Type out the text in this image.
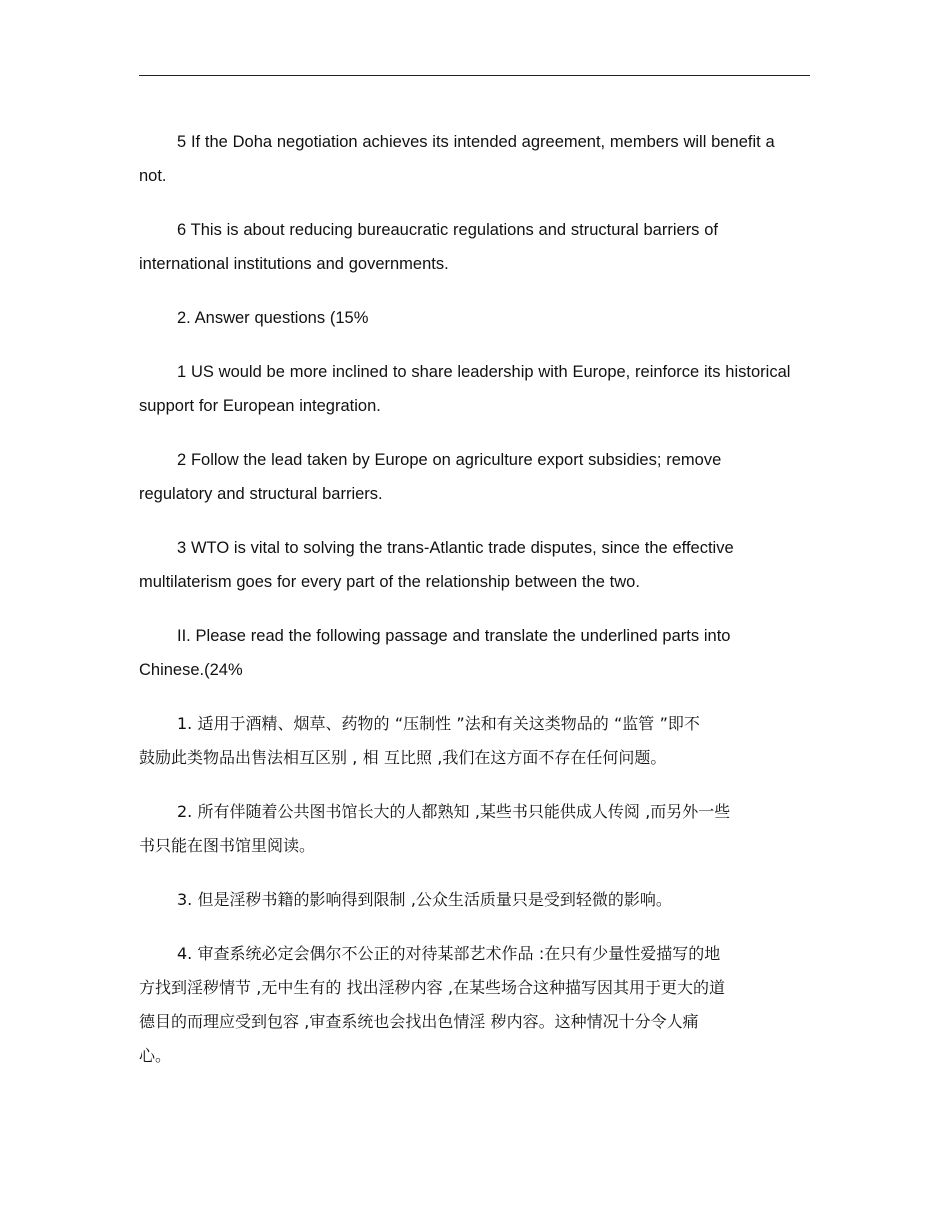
5 If the Doha negotiation achieves its intended agreement, members will benefit a
not.

6 This is about reducing bureaucratic regulations and structural barriers of
international institutions and governments.

2. Answer questions (15%

1 US would be more inclined to share leadership with Europe, reinforce its historical
support for European integration.

2 Follow the lead taken by Europe on agriculture export subsidies; remove
regulatory and structural barriers.

3 WTO is vital to solving the trans-Atlantic trade disputes, since the effective
multilaterism goes for every part of the relationship between the two.

II. Please read the following passage and translate the underlined parts into
Chinese.(24%

1. 适用于酒精、烟草、药物的 “压制性 ”法和有关这类物品的 “监管 ”即不
鼓励此类物品出售法相互区别 , 相 互比照 ,我们在这方面不存在任何问题。

2. 所有伴随着公共图书馆长大的人都熟知 ,某些书只能供成人传阅 ,而另外一些
书只能在图书馆里阅读。

3. 但是淫秽书籍的影响得到限制 ,公众生活质量只是受到轻微的影响。

4. 审查系统必定会偶尔不公正的对待某部艺术作品 :在只有少量性爱描写的地
方找到淫秽情节 ,无中生有的 找出淫秽内容 ,在某些场合这种描写因其用于更大的道
德目的而理应受到包容 ,审查系统也会找出色情淫 秽内容。这种情况十分令人痛
心。
